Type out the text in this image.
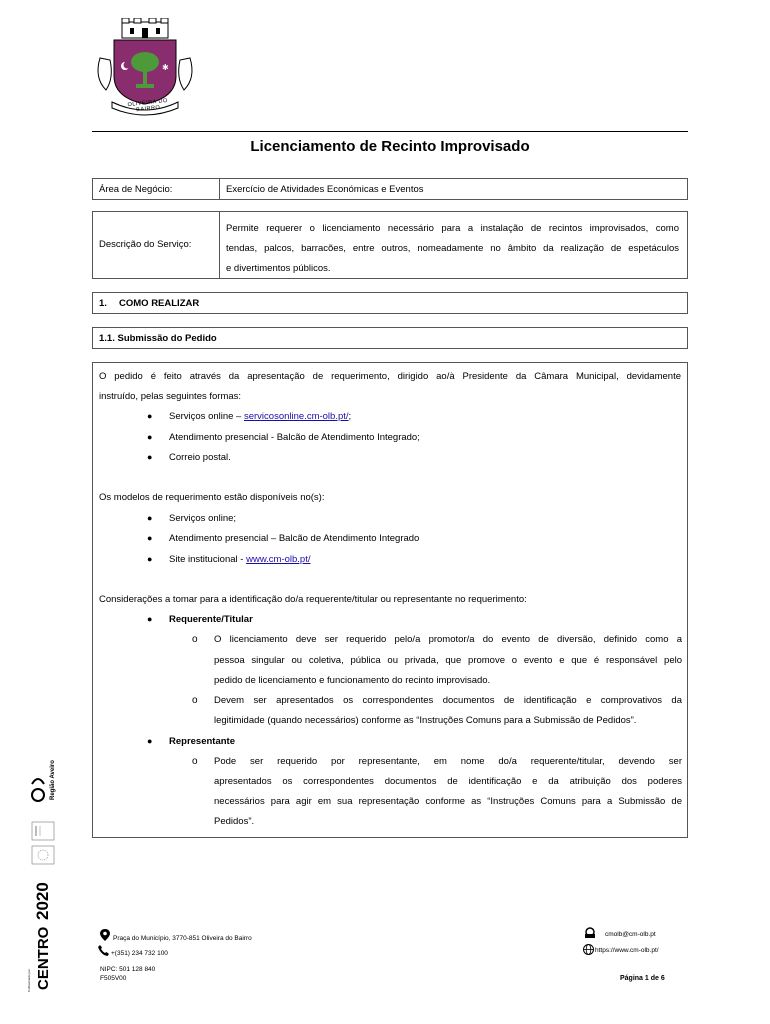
✱
OLIVEIRA DO BAIRRO
Licenciamento de Recinto Improvisado
Área de Negócio:	Exercício de Atividades Económicas e Eventos
Descrição do Serviço:
Permite requerer o licenciamento necessário para a instalação de recintos improvisados, como
tendas, palcos, barracões, entre outros, nomeadamente no âmbito da realização de espetáculos
e divertimentos públicos.
1. COMO REALIZAR
1.1. Submissão do Pedido
O pedido é feito através da apresentação de requerimento, dirigido ao/à Presidente da Câmara Municipal, devidamente
instruído, pelas seguintes formas:
● Serviços online – servicosonline.cm-olb.pt/;
● Atendimento presencial - Balcão de Atendimento Integrado;
● Correio postal.
Os modelos de requerimento estão disponíveis no(s):
● Serviços online;
● Atendimento presencial – Balcão de Atendimento Integrado
● Site institucional - www.cm-olb.pt/
Considerações a tomar para a identificação do/a requerente/titular ou representante no requerimento:
● Requerente/Titular
o O licenciamento deve ser requerido pelo/a promotor/a do evento de diversão, definido como a
pessoa singular ou coletiva, pública ou privada, que promove o evento e que é responsável pelo
pedido de licenciamento e funcionamento do recinto improvisado.
o Devem ser apresentados os correspondentes documentos de identificação e comprovativos da
legitimidade (quando necessários) conforme as “Instruções Comuns para a Submissão de Pedidos”.
● Representante
o Pode ser requerido por representante, em nome do/a requerente/titular, devendo ser
apresentados os correspondentes documentos de identificação e da atribuição dos poderes
necessários para agir em sua representação conforme as “Instruções Comuns para a Submissão de
Pedidos”.
Região Aveiro
2020
CENTRO
Cofinanciado por:
Praça do Município, 3770-851 Oliveira do Bairro
+(351) 234 732 100
cmolb@cm-olb.pt
https://www.cm-olb.pt/
NIPC: 501 128 840
F505V00	Página 1 de 6
